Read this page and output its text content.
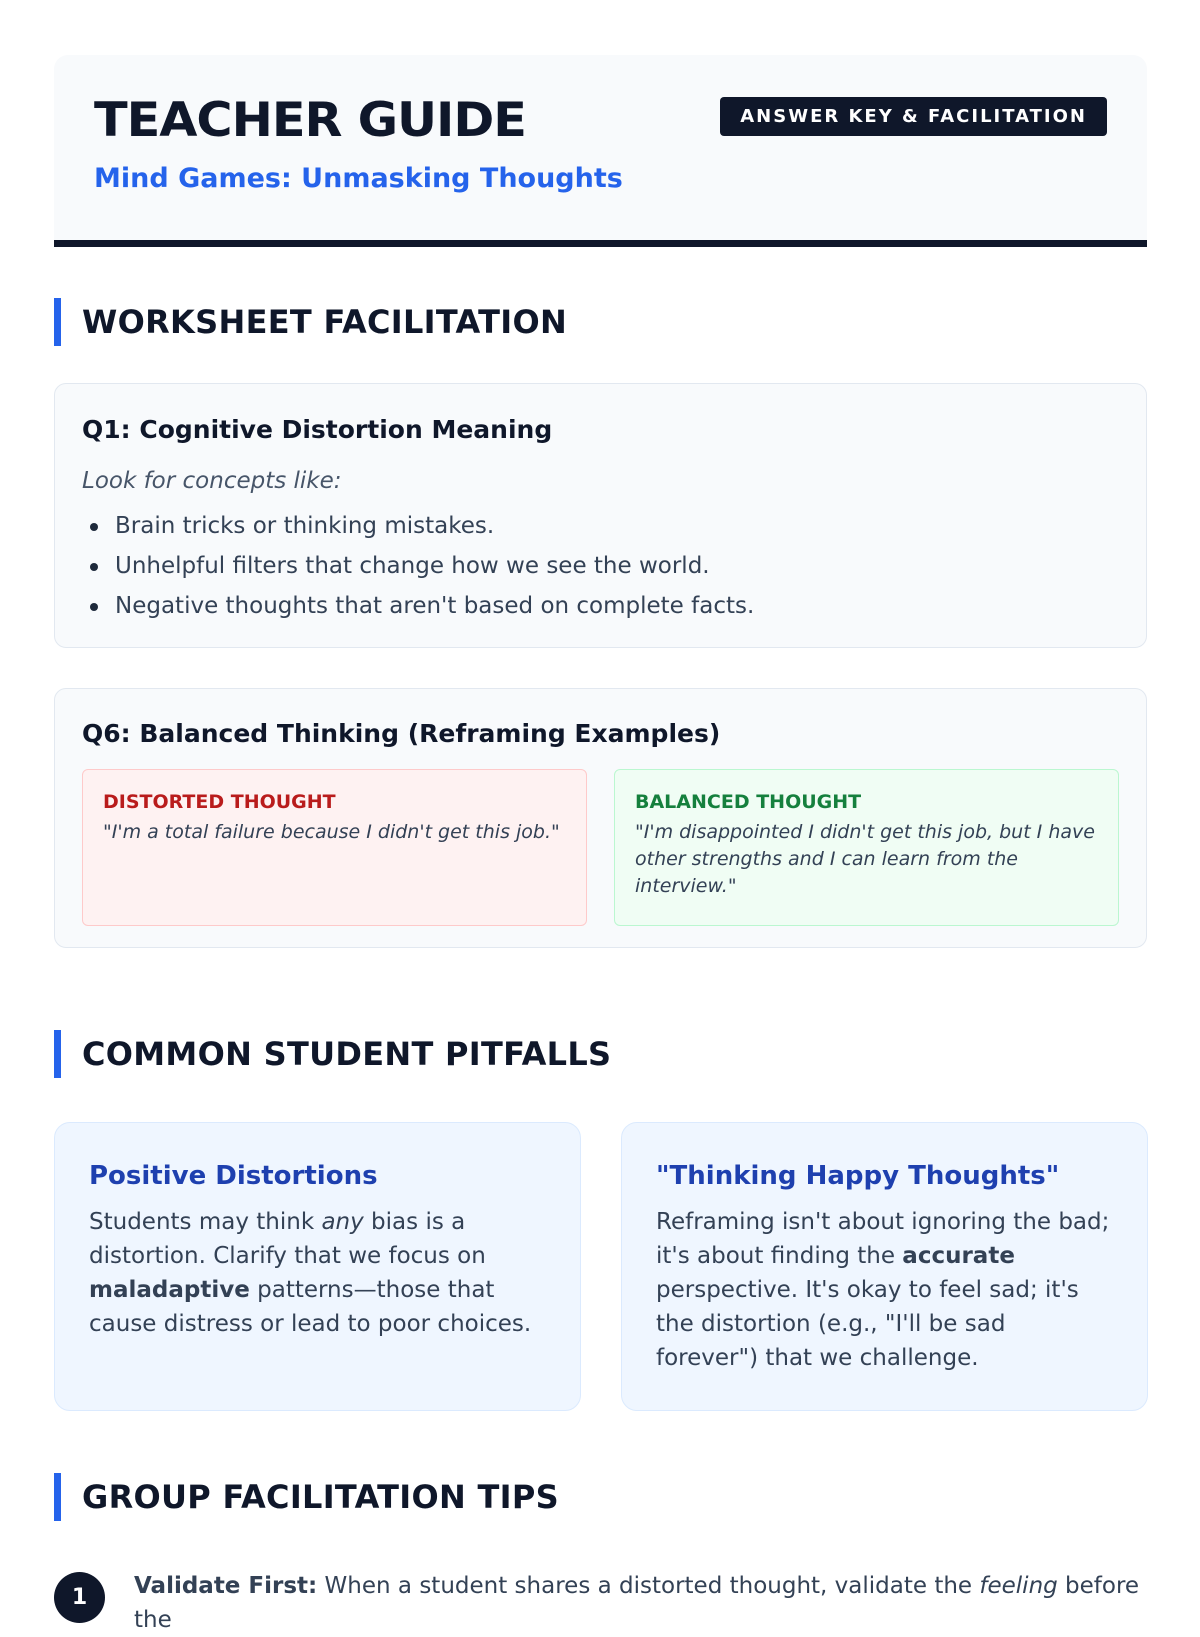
TEACHER GUIDE
Mind Games: Unmasking Thoughts
ANSWER KEY & FACILITATION
WORKSHEET FACILITATION
Q1: Cognitive Distortion Meaning
Look for concepts like:
Brain tricks or thinking mistakes.
Unhelpful filters that change how we see the world.
Negative thoughts that aren't based on complete facts.
Q6: Balanced Thinking (Reframing Examples)
DISTORTED THOUGHT
"I'm a total failure because I didn't get this job."
BALANCED THOUGHT
"I'm disappointed I didn't get this job, but I have other strengths and I can learn from the interview."
COMMON STUDENT PITFALLS
Positive Distortions
Students may think any bias is a distortion. Clarify that we focus on maladaptive patterns—those that cause distress or lead to poor choices.
"Thinking Happy Thoughts"
Reframing isn't about ignoring the bad; it's about finding the accurate perspective. It's okay to feel sad; it's the distortion (e.g., "I'll be sad forever") that we challenge.
GROUP FACILITATION TIPS
1	Validate First: When a student shares a distorted thought, validate the feeling before the
